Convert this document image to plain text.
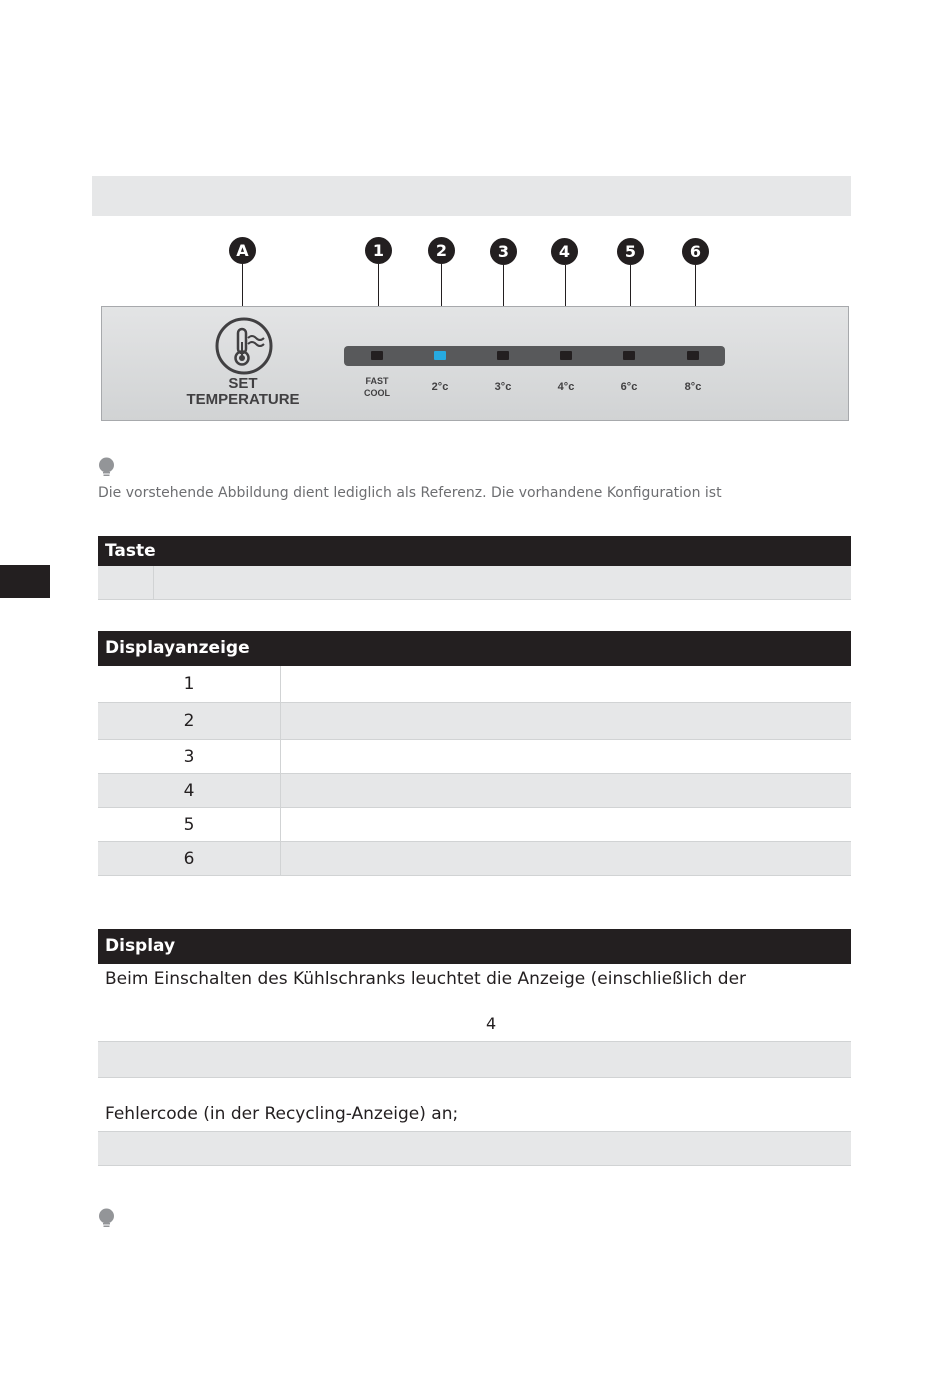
A	1	2	3	4	5	6
SET
TEMPERATURE
FAST
COOL	2°c	3°c	4°c	6°c	8°c
Die vorstehende Abbildung dient lediglich als Referenz. Die vorhandene Konfiguration ist
Taste
Displayanzeige
1
2
3
4
5
6
Display
Beim Einschalten des Kühlschranks leuchtet die Anzeige (einschließlich der
4
Fehlercode (in der Recycling-Anzeige) an;
